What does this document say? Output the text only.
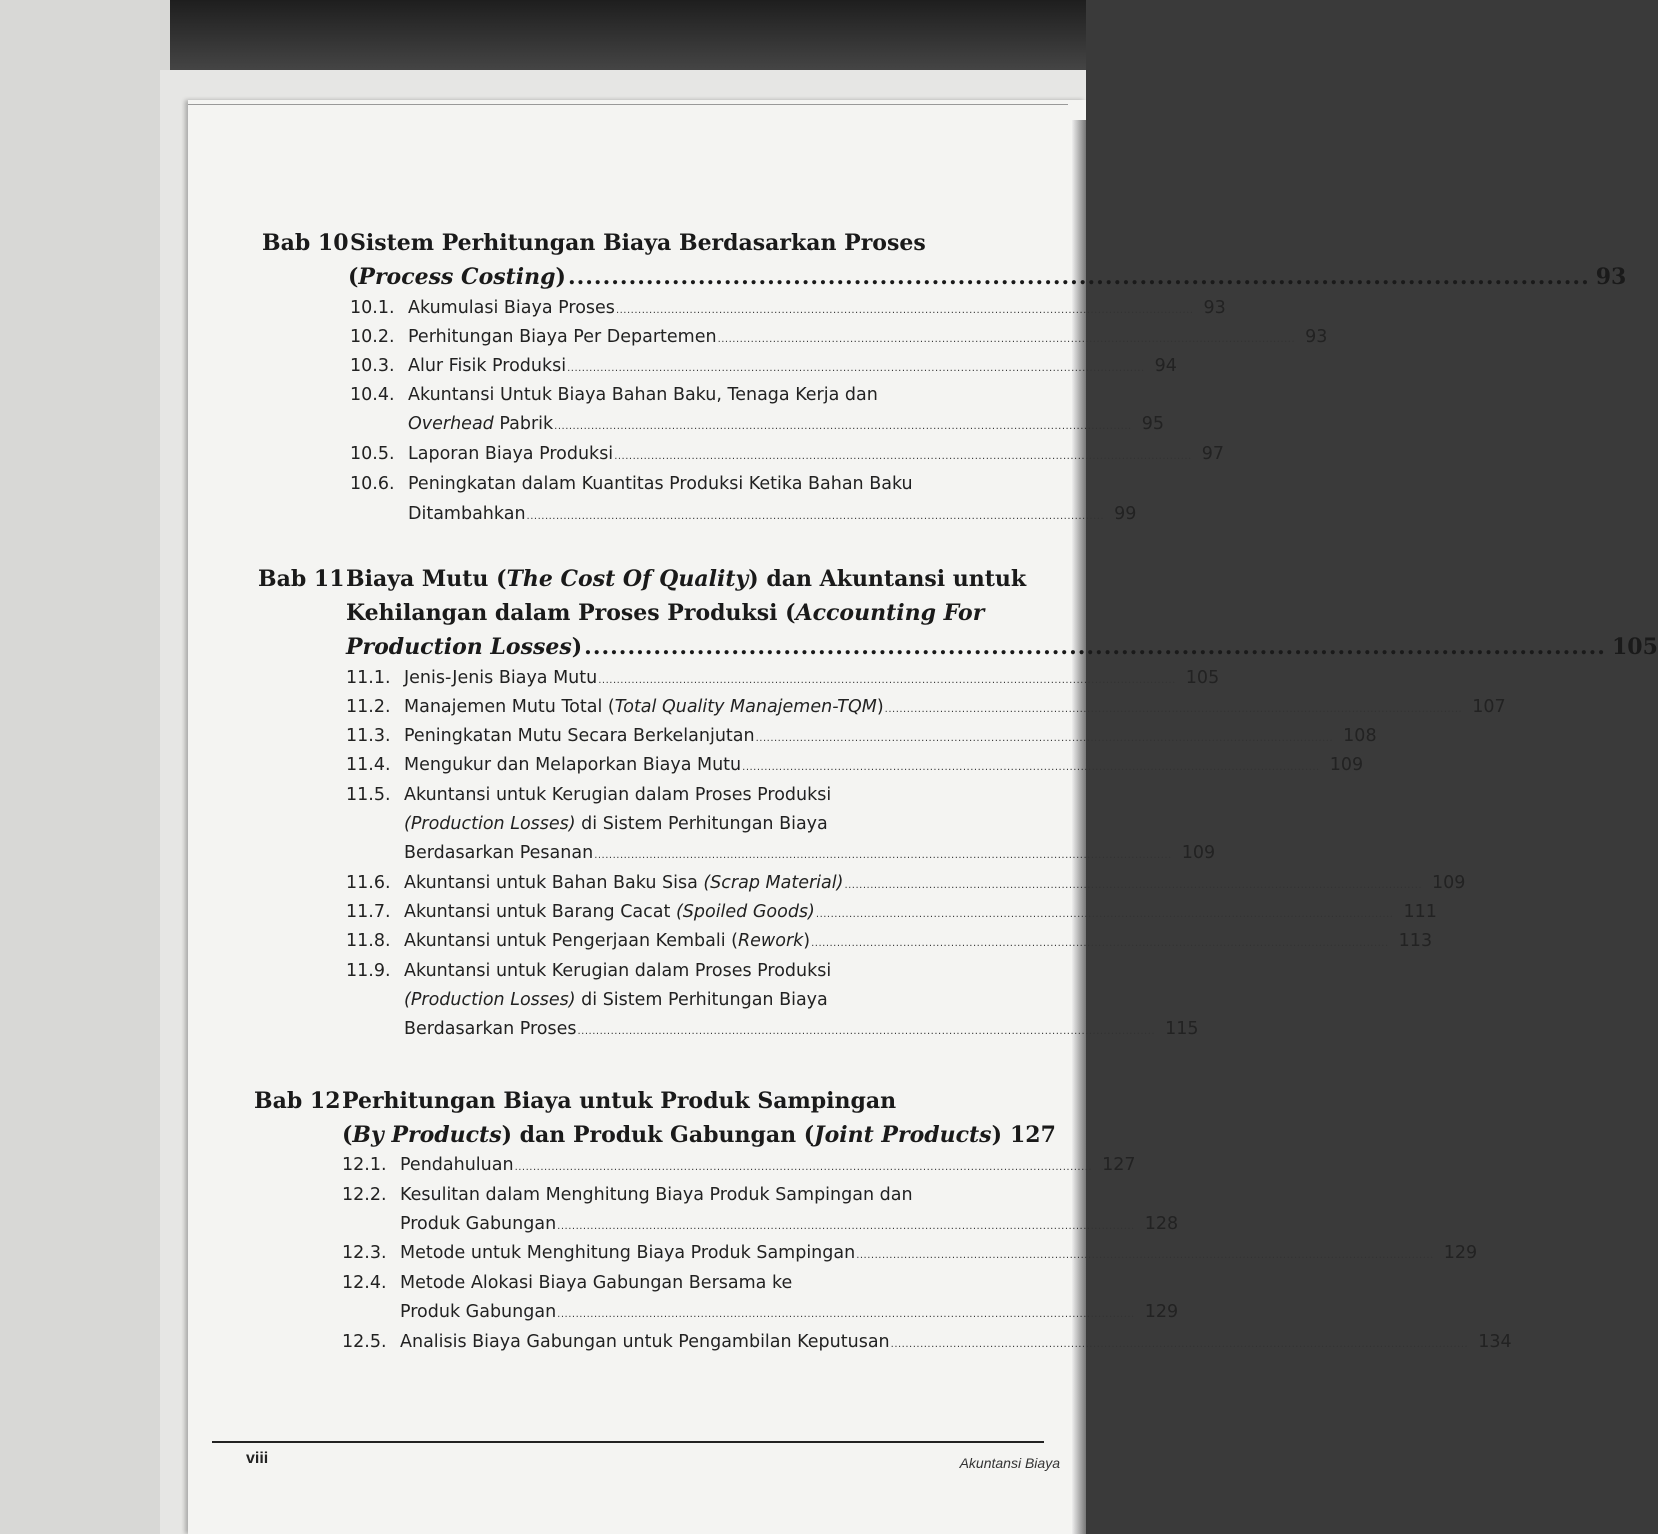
Bab 10 Sistem Perhitungan Biaya Berdasarkan Proses
(Process Costing) ...................................................................................................................... 93
10.1. Akumulasi Biaya Proses ............................................................................................................................................................. 93
10.2. Perhitungan Biaya Per Departemen ............................................................................................................................................................. 93
10.3. Alur Fisik Produksi ............................................................................................................................................................. 94
10.4. Akuntansi Untuk Biaya Bahan Baku, Tenaga Kerja dan
Overhead Pabrik ............................................................................................................................................................. 95
10.5. Laporan Biaya Produksi ............................................................................................................................................................. 97
10.6. Peningkatan dalam Kuantitas Produksi Ketika Bahan Baku
Ditambahkan ............................................................................................................................................................. 99
Bab 11 Biaya Mutu (The Cost Of Quality) dan Akuntansi untuk
Kehilangan dalam Proses Produksi (Accounting For
Production Losses) ...................................................................................................................... 105
11.1. Jenis-Jenis Biaya Mutu ............................................................................................................................................................. 105
11.2. Manajemen Mutu Total (Total Quality Manajemen-TQM) ............................................................................................................................................................. 107
11.3. Peningkatan Mutu Secara Berkelanjutan ............................................................................................................................................................. 108
11.4. Mengukur dan Melaporkan Biaya Mutu ............................................................................................................................................................. 109
11.5. Akuntansi untuk Kerugian dalam Proses Produksi
(Production Losses) di Sistem Perhitungan Biaya
Berdasarkan Pesanan ............................................................................................................................................................. 109
11.6. Akuntansi untuk Bahan Baku Sisa (Scrap Material) ............................................................................................................................................................. 109
11.7. Akuntansi untuk Barang Cacat (Spoiled Goods) ............................................................................................................................................................. 111
11.8. Akuntansi untuk Pengerjaan Kembali (Rework) ............................................................................................................................................................. 113
11.9. Akuntansi untuk Kerugian dalam Proses Produksi
(Production Losses) di Sistem Perhitungan Biaya
Berdasarkan Proses ............................................................................................................................................................. 115
Bab 12 Perhitungan Biaya untuk Produk Sampingan
(By Products) dan Produk Gabungan (Joint Products) 127
12.1. Pendahuluan ............................................................................................................................................................. 127
12.2. Kesulitan dalam Menghitung Biaya Produk Sampingan dan
Produk Gabungan ............................................................................................................................................................. 128
12.3. Metode untuk Menghitung Biaya Produk Sampingan ............................................................................................................................................................. 129
12.4. Metode Alokasi Biaya Gabungan Bersama ke
Produk Gabungan ............................................................................................................................................................. 129
12.5. Analisis Biaya Gabungan untuk Pengambilan Keputusan ............................................................................................................................................................. 134
viii	Akuntansi Biaya
